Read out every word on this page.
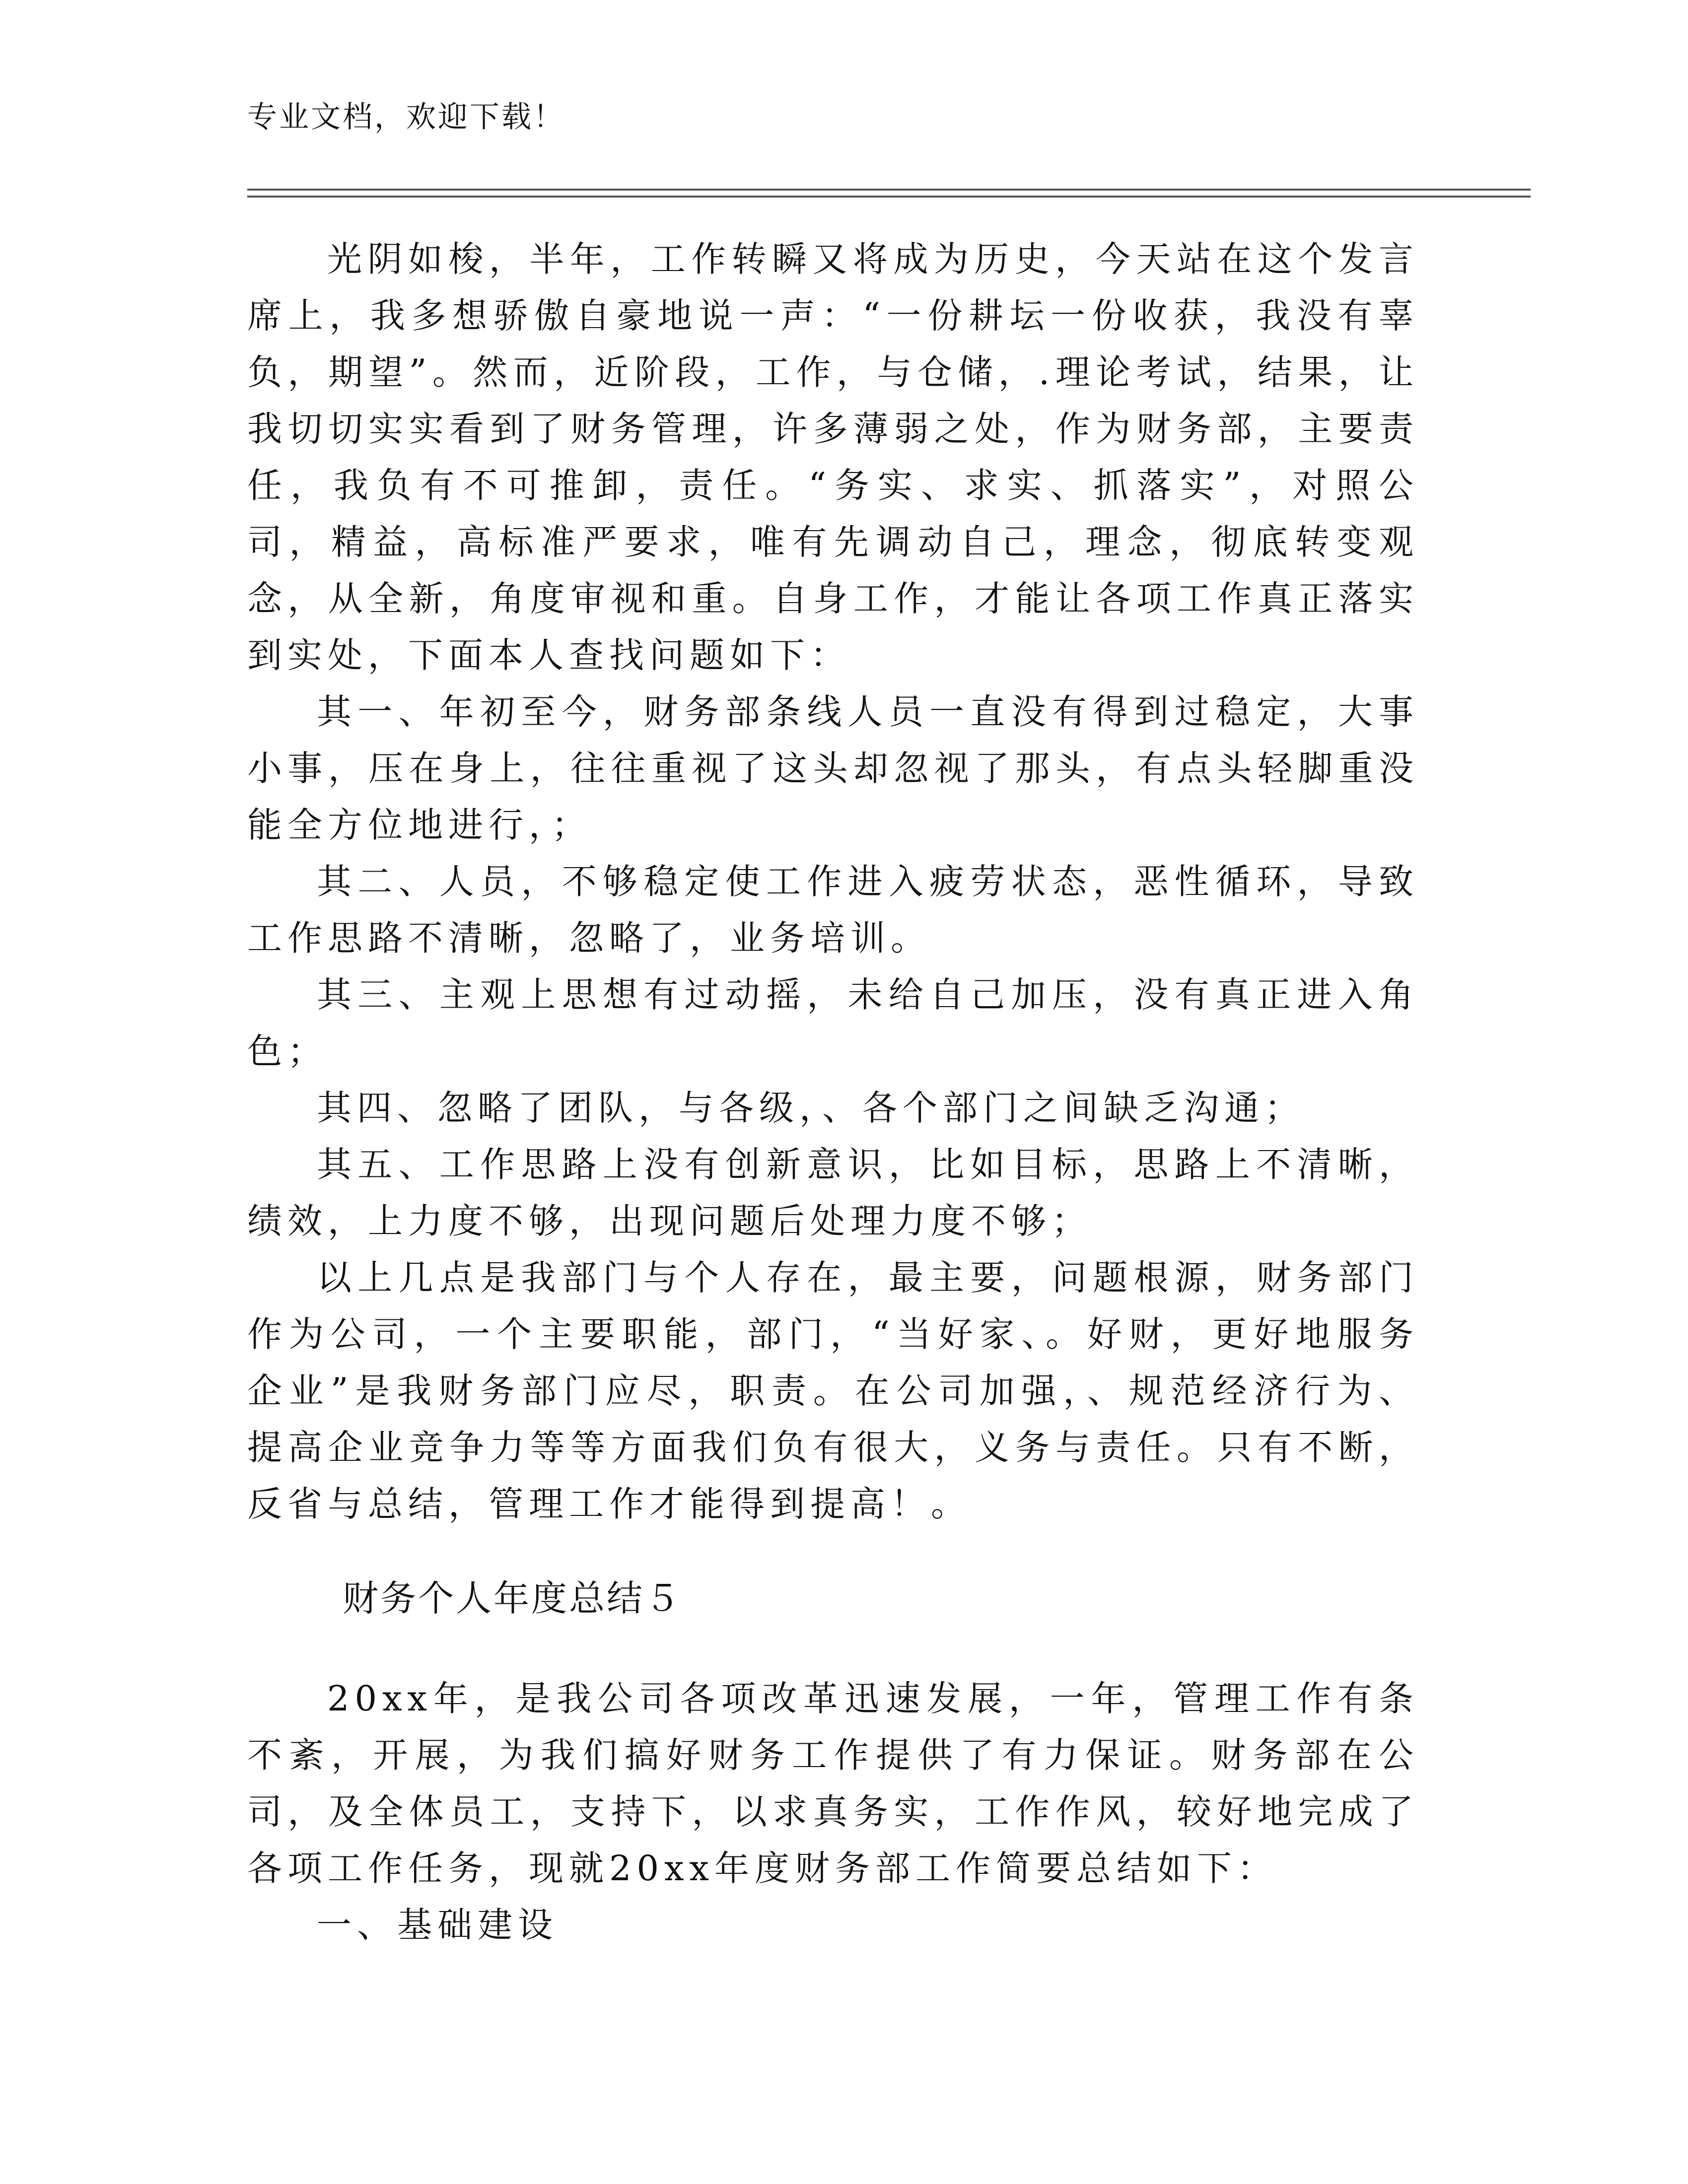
专业文档，欢迎下载！

光阴如梭，半年，工作转瞬又将成为历史，今天站在这个发言席上，我多想骄傲自豪地说一声：“一份耕坛一份收获，我没有辜负，期望”。然而，近阶段，工作，与仓储，.理论考试，结果，让我切切实实看到了财务管理，许多薄弱之处，作为财务部，主要责任，我负有不可推卸，责任。“务实、求实、抓落实”，对照公司，精益，高标准严要求，唯有先调动自己，理念，彻底转变观念，从全新，角度审视和重。自身工作，才能让各项工作真正落实到实处，下面本人查找问题如下：

其一、年初至今，财务部条线人员一直没有得到过稳定，大事小事，压在身上，往往重视了这头却忽视了那头，有点头轻脚重没能全方位地进行，；

其二、人员，不够稳定使工作进入疲劳状态，恶性循环，导致工作思路不清晰，忽略了，业务培训。

其三、主观上思想有过动摇，未给自己加压，没有真正进入角色；

其四、忽略了团队，与各级，、各个部门之间缺乏沟通；

其五、工作思路上没有创新意识，比如目标，思路上不清晰，绩效，上力度不够，出现问题后处理力度不够；

以上几点是我部门与个人存在，最主要，问题根源，财务部门作为公司，一个主要职能，部门，“当好家、。好财，更好地服务企业”是我财务部门应尽，职责。在公司加强，、规范经济行为、提高企业竞争力等等方面我们负有很大，义务与责任。只有不断，反省与总结，管理工作才能得到提高！。

财务个人年度总结５

20xx年，是我公司各项改革迅速发展，一年，管理工作有条不紊，开展，为我们搞好财务工作提供了有力保证。财务部在公司，及全体员工，支持下，以求真务实，工作作风，较好地完成了各项工作任务，现就20xx年度财务部工作简要总结如下：

一、基础建设
